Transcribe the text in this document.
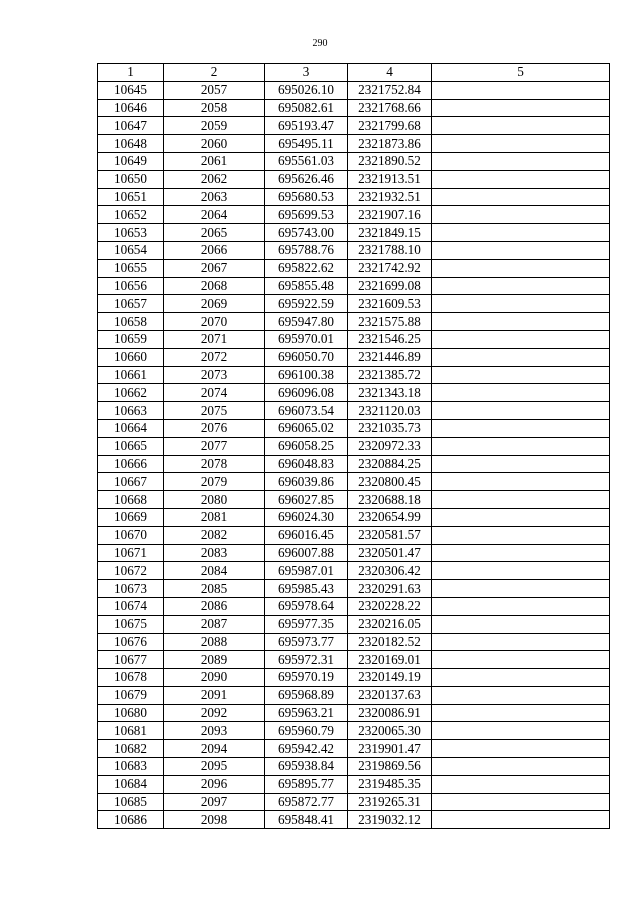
290
1	2	3	4	5
10645	2057	695026.10	2321752.84	
10646	2058	695082.61	2321768.66	
10647	2059	695193.47	2321799.68	
10648	2060	695495.11	2321873.86	
10649	2061	695561.03	2321890.52	
10650	2062	695626.46	2321913.51	
10651	2063	695680.53	2321932.51	
10652	2064	695699.53	2321907.16	
10653	2065	695743.00	2321849.15	
10654	2066	695788.76	2321788.10	
10655	2067	695822.62	2321742.92	
10656	2068	695855.48	2321699.08	
10657	2069	695922.59	2321609.53	
10658	2070	695947.80	2321575.88	
10659	2071	695970.01	2321546.25	
10660	2072	696050.70	2321446.89	
10661	2073	696100.38	2321385.72	
10662	2074	696096.08	2321343.18	
10663	2075	696073.54	2321120.03	
10664	2076	696065.02	2321035.73	
10665	2077	696058.25	2320972.33	
10666	2078	696048.83	2320884.25	
10667	2079	696039.86	2320800.45	
10668	2080	696027.85	2320688.18	
10669	2081	696024.30	2320654.99	
10670	2082	696016.45	2320581.57	
10671	2083	696007.88	2320501.47	
10672	2084	695987.01	2320306.42	
10673	2085	695985.43	2320291.63	
10674	2086	695978.64	2320228.22	
10675	2087	695977.35	2320216.05	
10676	2088	695973.77	2320182.52	
10677	2089	695972.31	2320169.01	
10678	2090	695970.19	2320149.19	
10679	2091	695968.89	2320137.63	
10680	2092	695963.21	2320086.91	
10681	2093	695960.79	2320065.30	
10682	2094	695942.42	2319901.47	
10683	2095	695938.84	2319869.56	
10684	2096	695895.77	2319485.35	
10685	2097	695872.77	2319265.31	
10686	2098	695848.41	2319032.12	
